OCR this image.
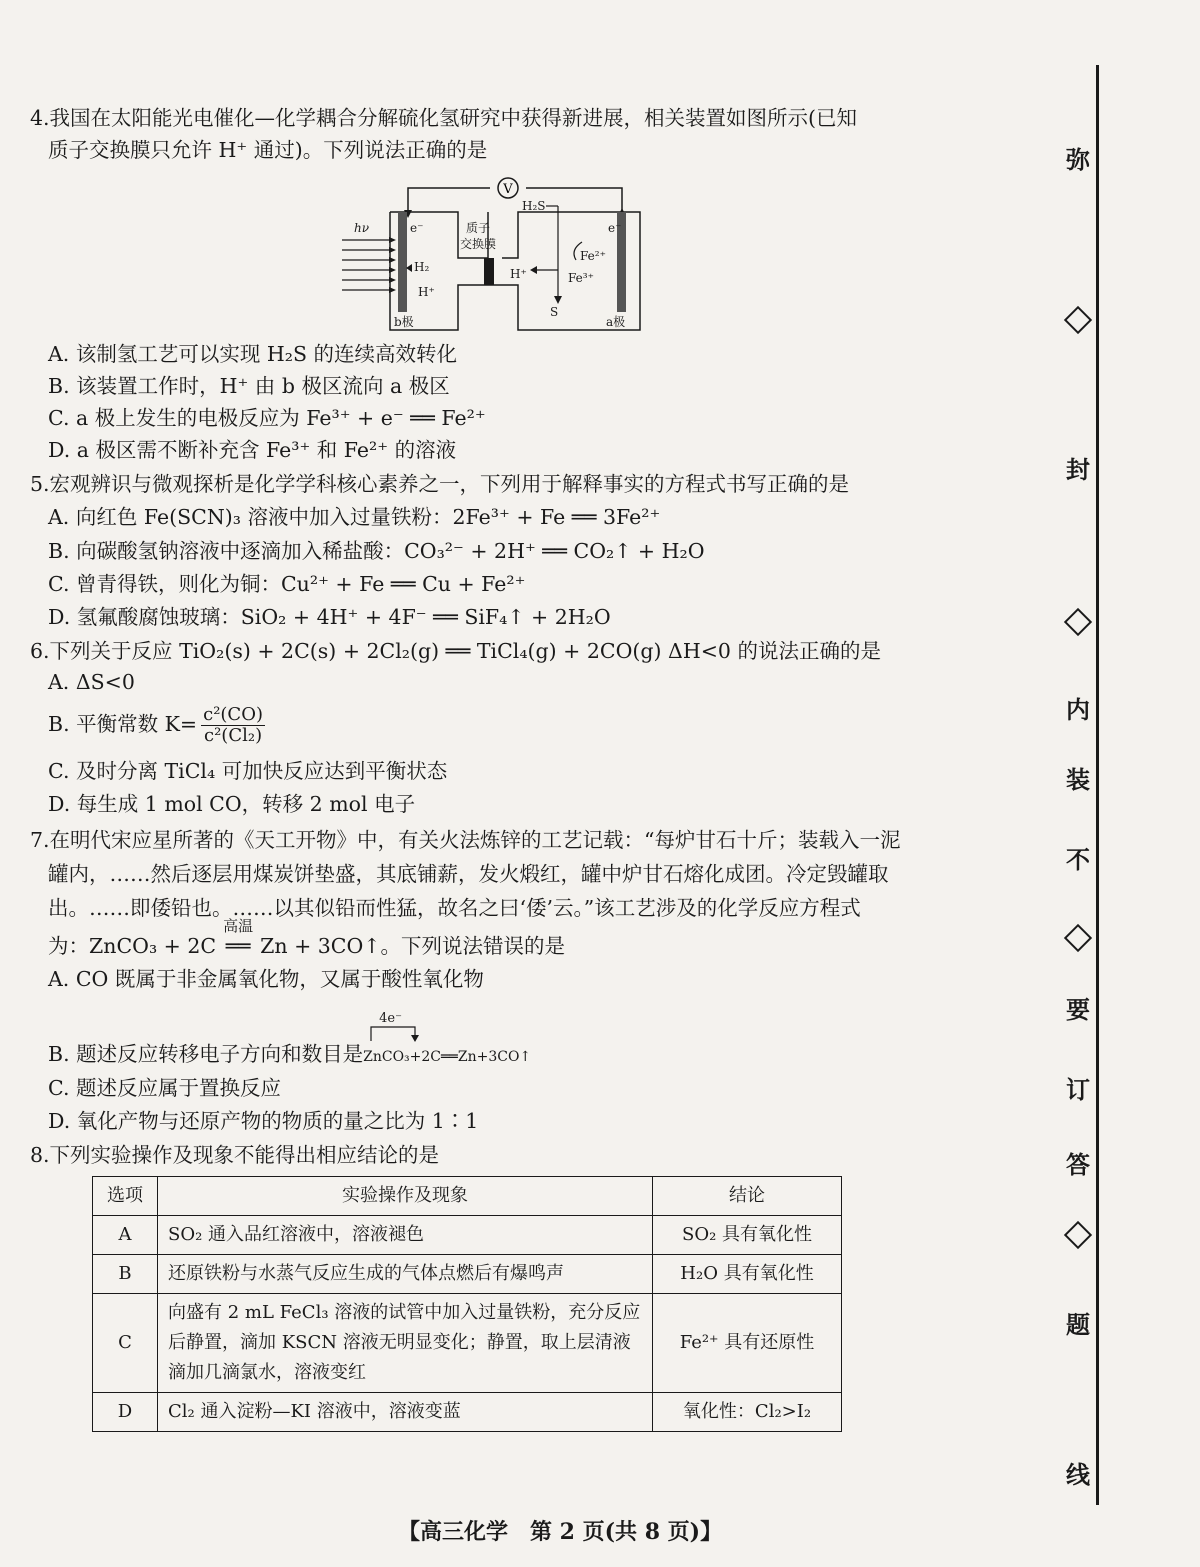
4.我国在太阳能光电催化—化学耦合分解硫化氢研究中获得新进展，相关装置如图所示(已知
质子交换膜只允许 H⁺ 通过)。下列说法正确的是
V
hν	e⁻
H₂
H⁺
质子
交换膜
H⁺
H₂S
e⁻
Fe²⁺
Fe³⁺
S
b极	a极
A. 该制氢工艺可以实现 H₂S 的连续高效转化
B. 该装置工作时，H⁺ 由 b 极区流向 a 极区
C. a 极上发生的电极反应为 Fe³⁺ + e⁻ ══ Fe²⁺
D. a 极区需不断补充含 Fe³⁺ 和 Fe²⁺ 的溶液
5.宏观辨识与微观探析是化学学科核心素养之一，下列用于解释事实的方程式书写正确的是
A. 向红色 Fe(SCN)₃ 溶液中加入过量铁粉：2Fe³⁺ + Fe ══ 3Fe²⁺
B. 向碳酸氢钠溶液中逐滴加入稀盐酸：CO₃²⁻ + 2H⁺ ══ CO₂↑ + H₂O
C. 曾青得铁，则化为铜：Cu²⁺ + Fe ══ Cu + Fe²⁺
D. 氢氟酸腐蚀玻璃：SiO₂ + 4H⁺ + 4F⁻ ══ SiF₄↑ + 2H₂O
6.下列关于反应 TiO₂(s) + 2C(s) + 2Cl₂(g) ══ TiCl₄(g) + 2CO(g) ΔH<0 的说法正确的是
A. ΔS<0
B. 平衡常数 $K= \frac{\text{c²(CO)}}{\text{c²(Cl₂)}}$
C. 及时分离 TiCl₄ 可加快反应达到平衡状态
D. 每生成 1 mol CO，转移 2 mol 电子
7.在明代宋应星所著的《天工开物》中，有关火法炼锌的工艺记载：“每炉甘石十斤；装载入一泥
罐内，……然后逐层用煤炭饼垫盛，其底铺薪，发火煅红，罐中炉甘石熔化成团。冷定毁罐取
出。……即倭铅也。……以其似铅而性猛，故名之曰‘倭’云。”该工艺涉及的化学反应方程式
为：ZnCO₃ + 2C
高温
══ Zn + 3CO↑。下列说法错误的是
A. CO 既属于非金属氧化物，又属于酸性氧化物
B. 题述反应转移电子方向和数目是
4e⁻
ZnCO₃+2C══Zn+3CO↑
C. 题述反应属于置换反应
D. 氧化产物与还原产物的物质的量之比为 1∶1
8.下列实验操作及现象不能得出相应结论的是
选项	实验操作及现象	结论
A	SO₂ 通入品红溶液中，溶液褪色	SO₂ 具有氧化性
B	还原铁粉与水蒸气反应生成的气体点燃后有爆鸣声	H₂O 具有氧化性
C	向盛有 2 mL FeCl₃ 溶液的试管中加入过量铁粉，充分反应后静置，滴加 KSCN 溶液无明显变化；静置，取上层清液滴加几滴氯水，溶液变红	Fe²⁺ 具有还原性
D	Cl₂ 通入淀粉—KI 溶液中，溶液变蓝	氧化性：Cl₂>I₂
【高三化学　第 2 页(共 8 页)】
弥
封
内
装
不
要
订
答
题
线
